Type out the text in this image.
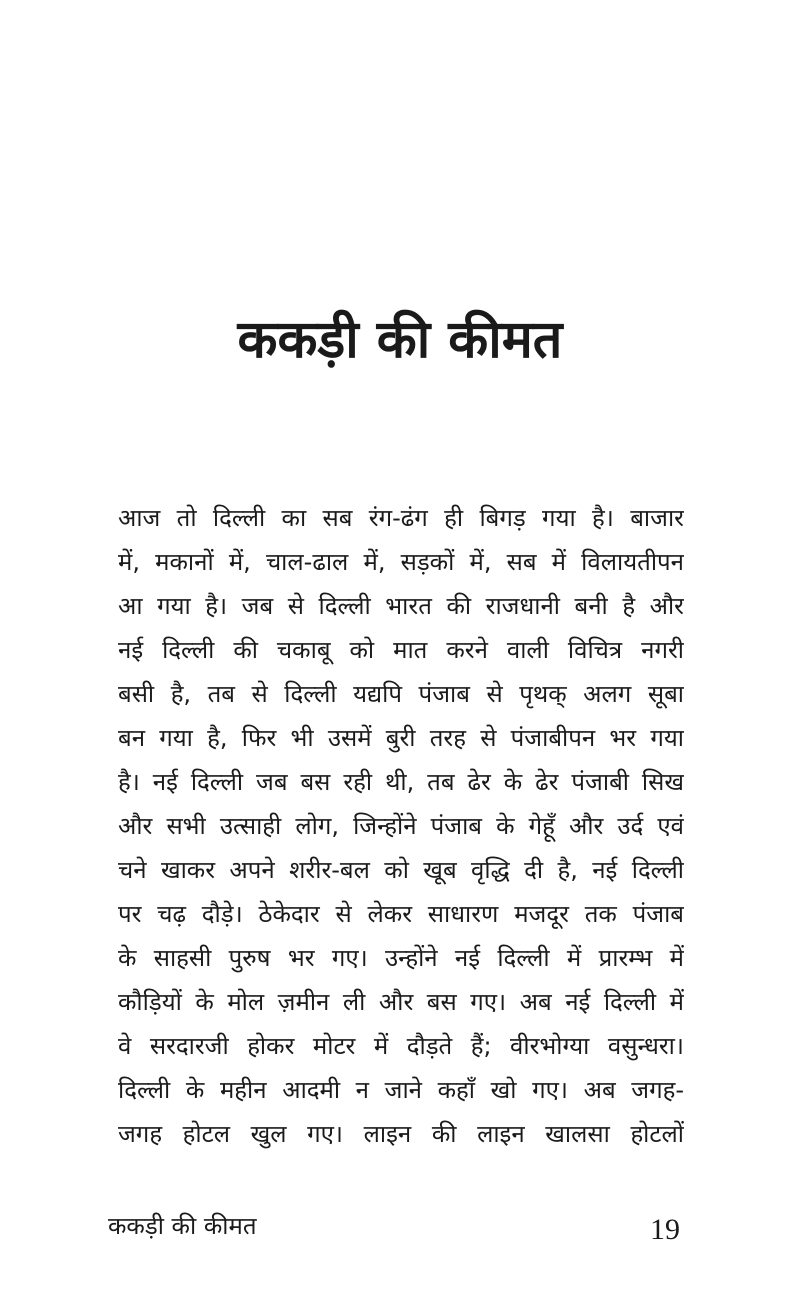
ककड़ी की कीमत
आज तो दिल्ली का सब रंग-ढंग ही बिगड़ गया है। बाजार
में, मकानों में, चाल-ढाल में, सड़कों में, सब में विलायतीपन
आ गया है। जब से दिल्ली भारत की राजधानी बनी है और
नई दिल्ली की चकाबू को मात करने वाली विचित्र नगरी
बसी है, तब से दिल्ली यद्यपि पंजाब से पृथक् अलग सूबा
बन गया है, फिर भी उसमें बुरी तरह से पंजाबीपन भर गया
है। नई दिल्ली जब बस रही थी, तब ढेर के ढेर पंजाबी सिख
और सभी उत्साही लोग, जिन्होंने पंजाब के गेहूँ और उर्द एवं
चने खाकर अपने शरीर-बल को खूब वृद्धि दी है, नई दिल्ली
पर चढ़ दौड़े। ठेकेदार से लेकर साधारण मजदूर तक पंजाब
के साहसी पुरुष भर गए। उन्होंने नई दिल्ली में प्रारम्भ में
कौड़ियों के मोल ज़मीन ली और बस गए। अब नई दिल्ली में
वे सरदारजी होकर मोटर में दौड़ते हैं; वीरभोग्या वसुन्धरा।
दिल्ली के महीन आदमी न जाने कहाँ खो गए। अब जगह-
जगह होटल खुल गए। लाइन की लाइन खालसा होटलों
ककड़ी की कीमत	19
